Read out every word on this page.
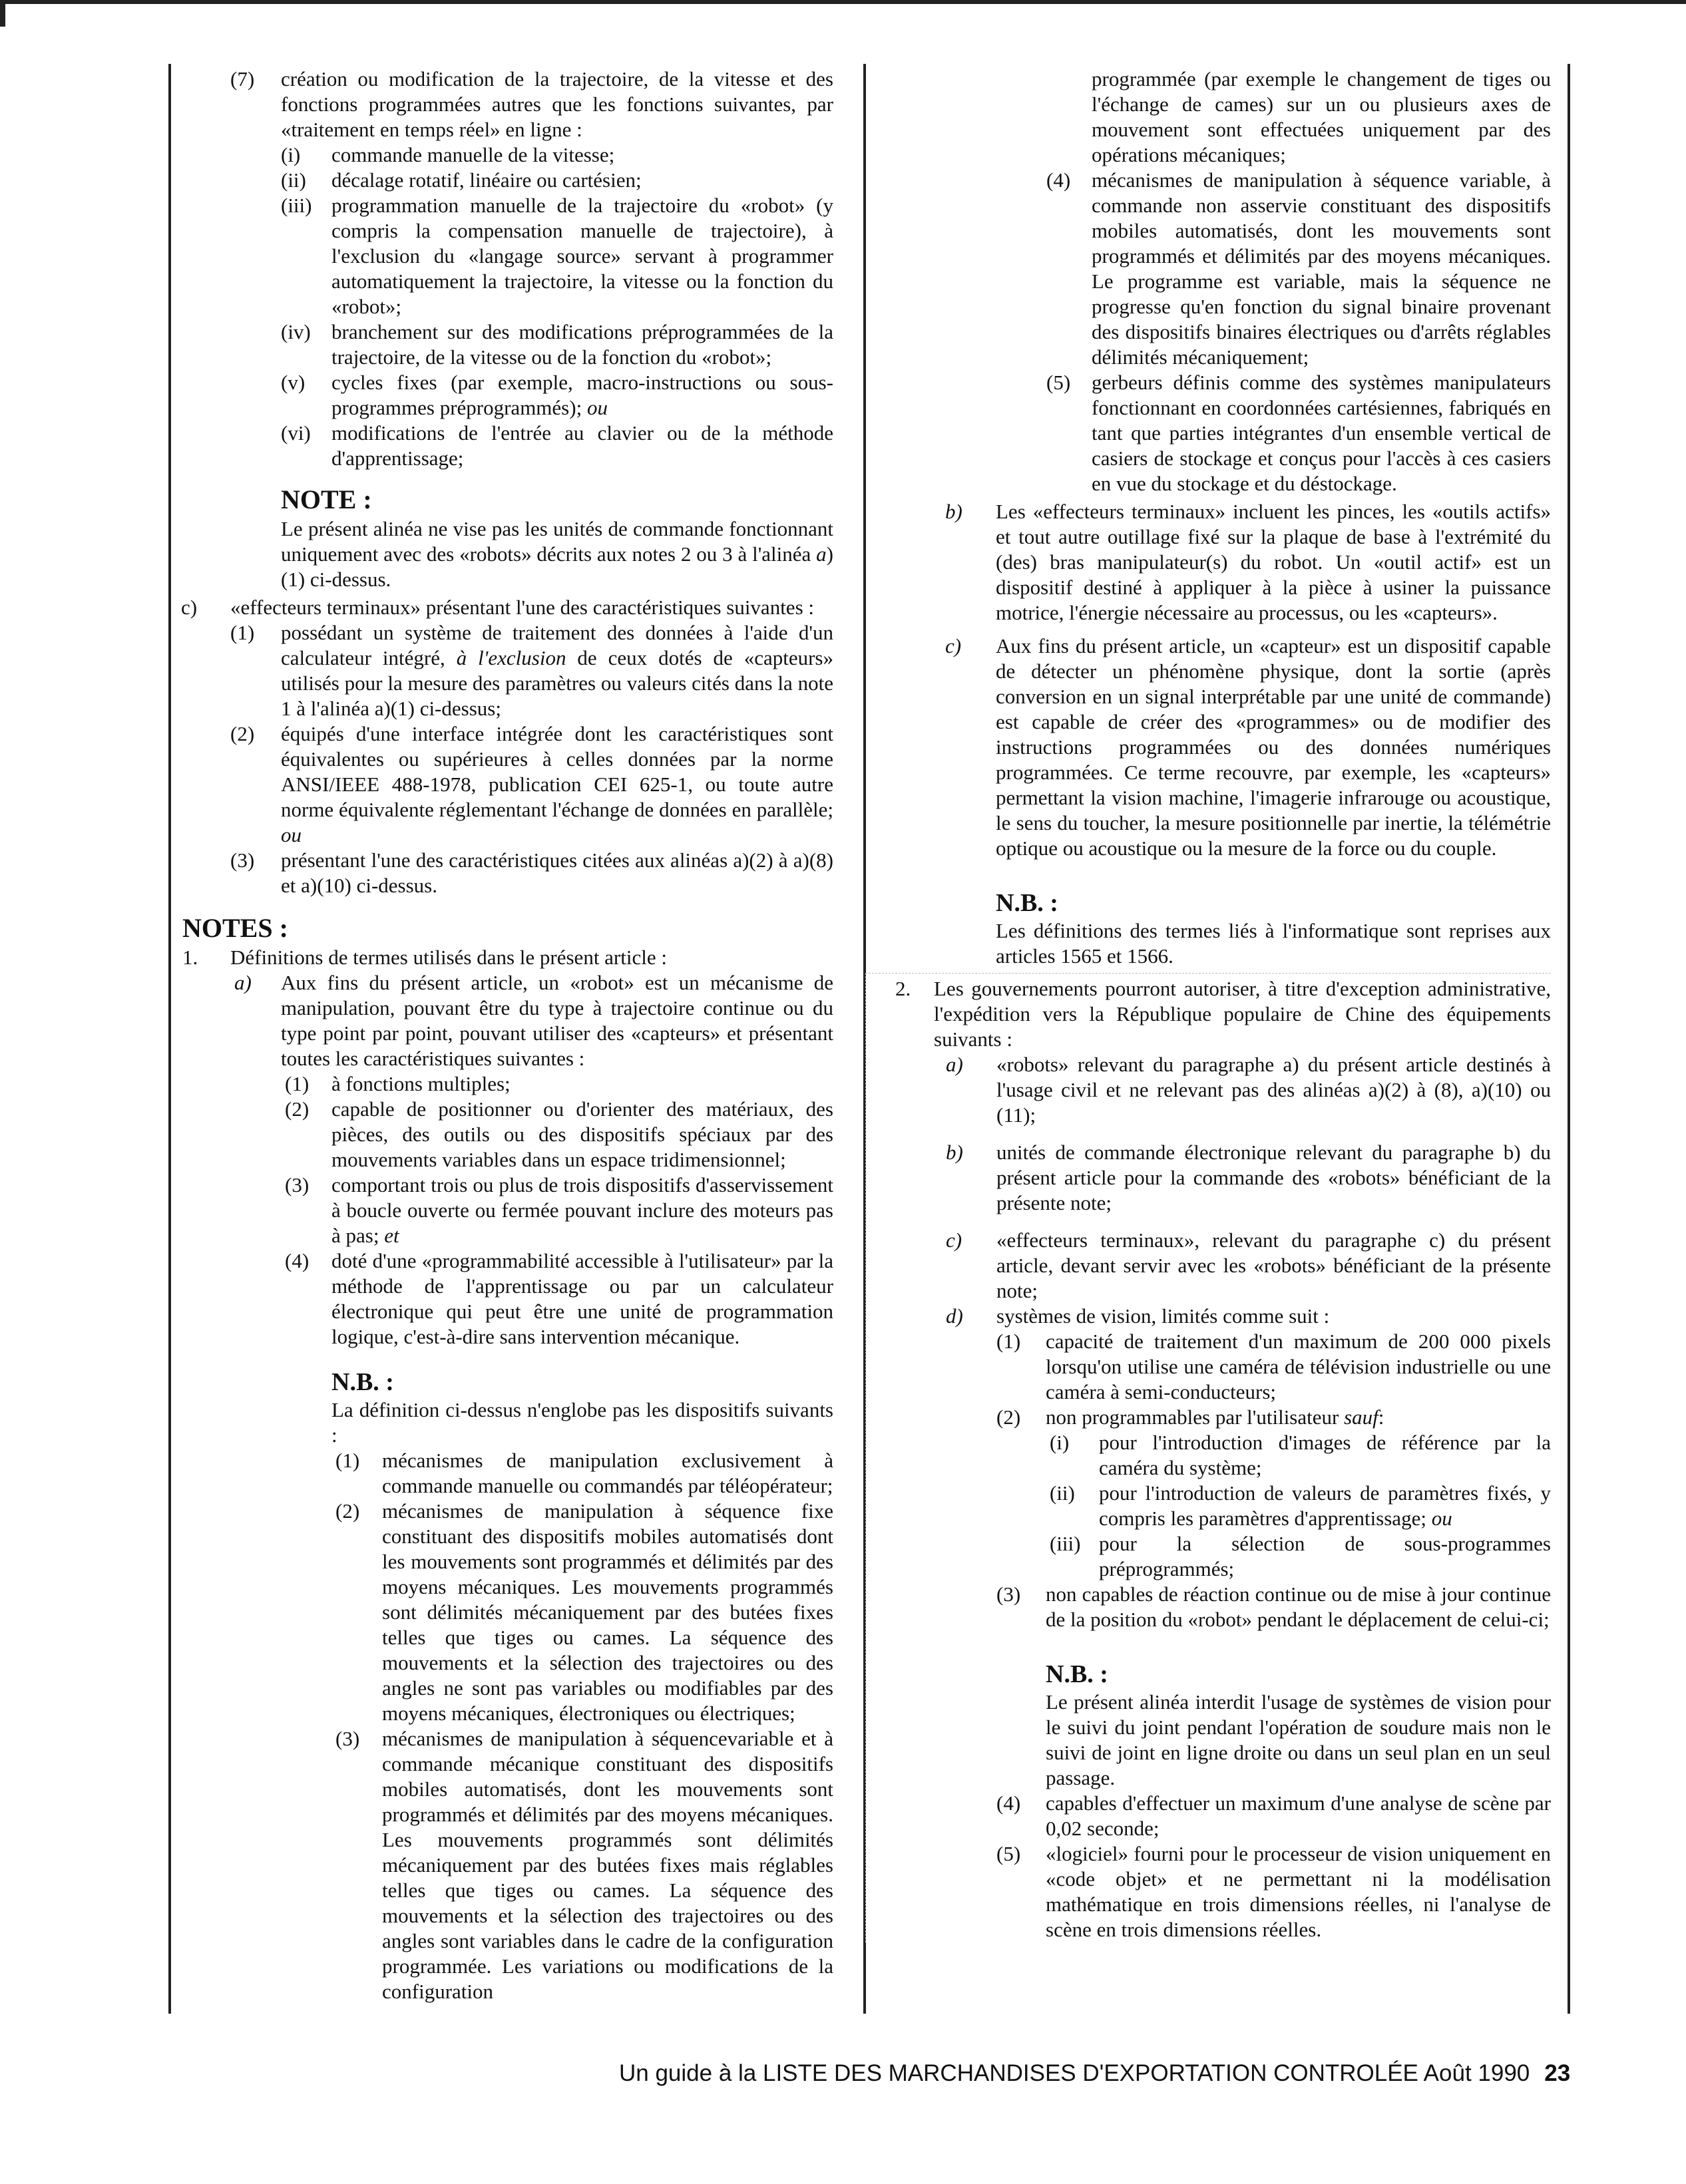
(7) création ou modification de la trajectoire, de la vitesse et des fonctions programmées autres que les fonctions suivantes, par «traitement en temps réel» en ligne :

(i) commande manuelle de la vitesse;

(ii) décalage rotatif, linéaire ou cartésien;

(iii) programmation manuelle de la trajectoire du «robot» (y compris la compensation manuelle de trajectoire), à l'exclusion du «langage source» servant à programmer automatiquement la trajectoire, la vitesse ou la fonction du «robot»;

(iv) branchement sur des modifications préprogrammées de la trajectoire, de la vitesse ou de la fonction du «robot»;

(v) cycles fixes (par exemple, macro-instructions ou sous-programmes préprogrammés); ou

(vi) modifications de l'entrée au clavier ou de la méthode d'apprentissage;

NOTE :

Le présent alinéa ne vise pas les unités de commande fonctionnant uniquement avec des «robots» décrits aux notes 2 ou 3 à l'alinéa a)(1) ci-dessus.

c) «effecteurs terminaux» présentant l'une des caractéristiques suivantes :

(1) possédant un système de traitement des données à l'aide d'un calculateur intégré, à l'exclusion de ceux dotés de «capteurs» utilisés pour la mesure des paramètres ou valeurs cités dans la note 1 à l'alinéa a)(1) ci-dessus;

(2) équipés d'une interface intégrée dont les caractéristiques sont équivalentes ou supérieures à celles données par la norme ANSI/IEEE 488-1978, publication CEI 625-1, ou toute autre norme équivalente réglementant l'échange de données en parallèle; ou

(3) présentant l'une des caractéristiques citées aux alinéas a)(2) à a)(8) et a)(10) ci-dessus.

NOTES :

1. Définitions de termes utilisés dans le présent article :

a) Aux fins du présent article, un «robot» est un mécanisme de manipulation, pouvant être du type à trajectoire continue ou du type point par point, pouvant utiliser des «capteurs» et présentant toutes les caractéristiques suivantes :

(1) à fonctions multiples;

(2) capable de positionner ou d'orienter des matériaux, des pièces, des outils ou des dispositifs spéciaux par des mouvements variables dans un espace tridimensionnel;

(3) comportant trois ou plus de trois dispositifs d'asservissement à boucle ouverte ou fermée pouvant inclure des moteurs pas à pas; et

(4) doté d'une «programmabilité accessible à l'utilisateur» par la méthode de l'apprentissage ou par un calculateur électronique qui peut être une unité de programmation logique, c'est-à-dire sans intervention mécanique.

N.B. :

La définition ci-dessus n'englobe pas les dispositifs suivants :

(1) mécanismes de manipulation exclusivement à commande manuelle ou commandés par téléopérateur;

(2) mécanismes de manipulation à séquence fixe constituant des dispositifs mobiles automatisés dont les mouvements sont programmés et délimités par des moyens mécaniques. Les mouvements programmés sont délimités mécaniquement par des butées fixes telles que tiges ou cames. La séquence des mouvements et la sélection des trajectoires ou des angles ne sont pas variables ou modifiables par des moyens mécaniques, électroniques ou électriques;

(3) mécanismes de manipulation à séquencevariable et à commande mécanique constituant des dispositifs mobiles automatisés, dont les mouvements sont programmés et délimités par des moyens mécaniques. Les mouvements programmés sont délimités mécaniquement par des butées fixes mais réglables telles que tiges ou cames. La séquence des mouvements et la sélection des trajectoires ou des angles sont variables dans le cadre de la configuration programmée. Les variations ou modifications de la configuration

programmée (par exemple le changement de tiges ou l'échange de cames) sur un ou plusieurs axes de mouvement sont effectuées uniquement par des opérations mécaniques;

(4) mécanismes de manipulation à séquence variable, à commande non asservie constituant des dispositifs mobiles automatisés, dont les mouvements sont programmés et délimités par des moyens mécaniques. Le programme est variable, mais la séquence ne progresse qu'en fonction du signal binaire provenant des dispositifs binaires électriques ou d'arrêts réglables délimités mécaniquement;

(5) gerbeurs définis comme des systèmes manipulateurs fonctionnant en coordonnées cartésiennes, fabriqués en tant que parties intégrantes d'un ensemble vertical de casiers de stockage et conçus pour l'accès à ces casiers en vue du stockage et du déstockage.

b) Les «effecteurs terminaux» incluent les pinces, les «outils actifs» et tout autre outillage fixé sur la plaque de base à l'extrémité du (des) bras manipulateur(s) du robot. Un «outil actif» est un dispositif destiné à appliquer à la pièce à usiner la puissance motrice, l'énergie nécessaire au processus, ou les «capteurs».

c) Aux fins du présent article, un «capteur» est un dispositif capable de détecter un phénomène physique, dont la sortie (après conversion en un signal interprétable par une unité de commande) est capable de créer des «programmes» ou de modifier des instructions programmées ou des données numériques programmées. Ce terme recouvre, par exemple, les «capteurs» permettant la vision machine, l'imagerie infrarouge ou acoustique, le sens du toucher, la mesure positionnelle par inertie, la télémétrie optique ou acoustique ou la mesure de la force ou du couple.

N.B. :

Les définitions des termes liés à l'informatique sont reprises aux articles 1565 et 1566.

2. Les gouvernements pourront autoriser, à titre d'exception administrative, l'expédition vers la République populaire de Chine des équipements suivants :

a) «robots» relevant du paragraphe a) du présent article destinés à l'usage civil et ne relevant pas des alinéas a)(2) à (8), a)(10) ou (11);

b) unités de commande électronique relevant du paragraphe b) du présent article pour la commande des «robots» bénéficiant de la présente note;

c) «effecteurs terminaux», relevant du paragraphe c) du présent article, devant servir avec les «robots» bénéficiant de la présente note;

d) systèmes de vision, limités comme suit :

(1) capacité de traitement d'un maximum de 200 000 pixels lorsqu'on utilise une caméra de télévision industrielle ou une caméra à semi-conducteurs;

(2) non programmables par l'utilisateur sauf:

(i) pour l'introduction d'images de référence par la caméra du système;

(ii) pour l'introduction de valeurs de paramètres fixés, y compris les paramètres d'apprentissage; ou

(iii) pour la sélection de sous-programmes préprogrammés;

(3) non capables de réaction continue ou de mise à jour continue de la position du «robot» pendant le déplacement de celui-ci;

N.B. :

Le présent alinéa interdit l'usage de systèmes de vision pour le suivi du joint pendant l'opération de soudure mais non le suivi de joint en ligne droite ou dans un seul plan en un seul passage.

(4) capables d'effectuer un maximum d'une analyse de scène par 0,02 seconde;

(5) «logiciel» fourni pour le processeur de vision uniquement en «code objet» et ne permettant ni la modélisation mathématique en trois dimensions réelles, ni l'analyse de scène en trois dimensions réelles.

Un guide à la LISTE DES MARCHANDISES D'EXPORTATION CONTROLÉE Août 1990 23
